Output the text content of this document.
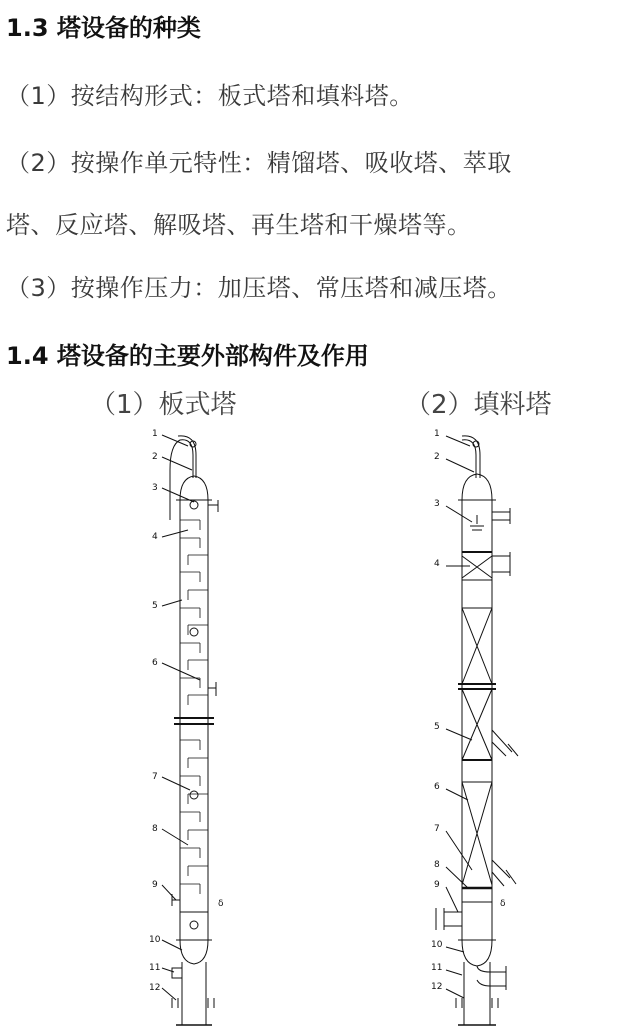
1.3 塔设备的种类

（1）按结构形式：板式塔和填料塔。

（2）按操作单元特性：精馏塔、吸收塔、萃取

塔、反应塔、解吸塔、再生塔和干燥塔等。

（3）按操作压力：加压塔、常压塔和减压塔。

1.4 塔设备的主要外部构件及作用
（1）板式塔	（2）填料塔
1
2
3
4
5
6
7
8
9
10
11
12
δ
1
2
3
4
5
6
7
8
9
10
11
12
δ
